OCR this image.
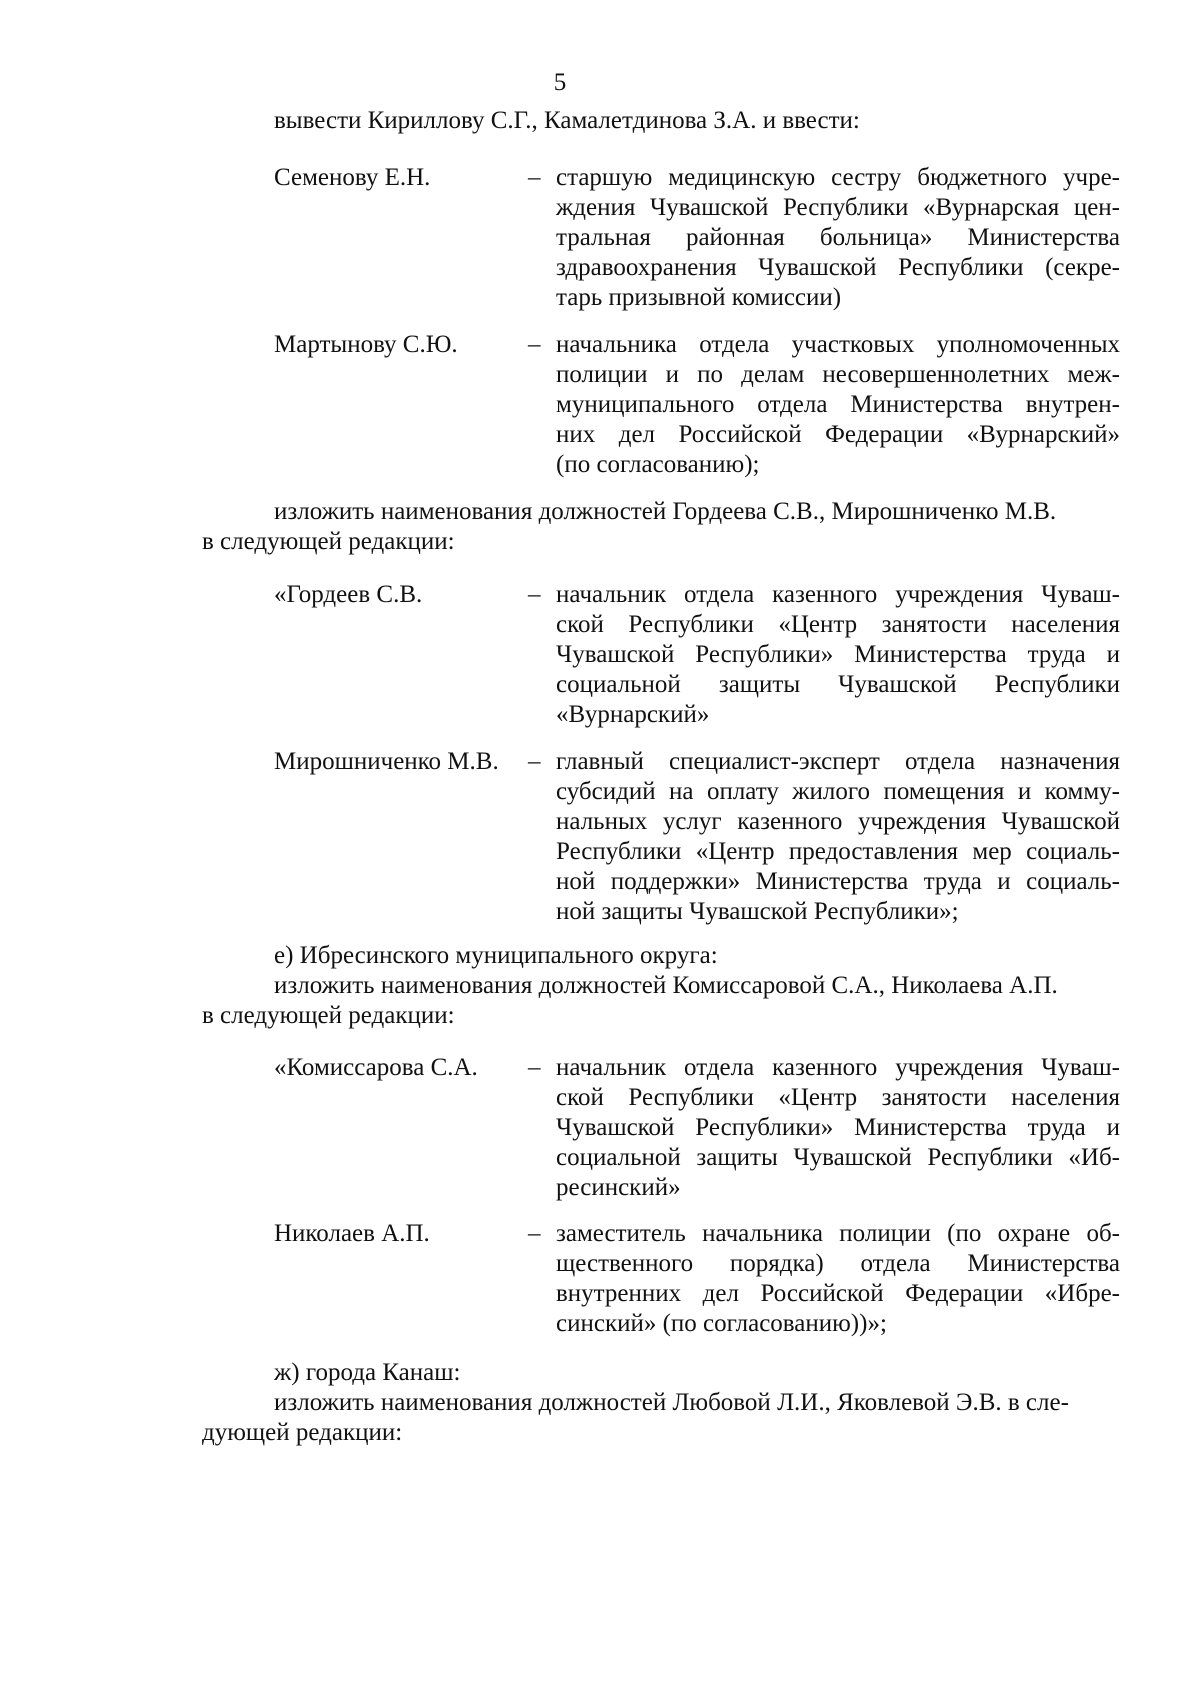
5
вывести Кириллову С.Г., Камалетдинова З.А. и ввести:
Семенову Е.Н.	– старшую медицинскую сестру бюджетного учре-
ждения Чувашской Республики «Вурнарская цен-
тральная районная больница» Министерства
здравоохранения Чувашской Республики (секре-
тарь призывной комиссии)
Мартынову С.Ю.	– начальника отдела участковых уполномоченных
полиции и по делам несовершеннолетних меж-
муниципального отдела Министерства внутрен-
них дел Российской Федерации «Вурнарский»
(по согласованию);
изложить наименования должностей Гордеева С.В., Мирошниченко М.В.
в следующей редакции:
«Гордеев С.В.	– начальник отдела казенного учреждения Чуваш-
ской Республики «Центр занятости населения
Чувашской Республики» Министерства труда и
социальной защиты Чувашской Республики
«Вурнарский»
Мирошниченко М.В. – главный специалист-эксперт отдела назначения
субсидий на оплату жилого помещения и комму-
нальных услуг казенного учреждения Чувашской
Республики «Центр предоставления мер социаль-
ной поддержки» Министерства труда и социаль-
ной защиты Чувашской Республики»;
е) Ибресинского муниципального округа:
изложить наименования должностей Комиссаровой С.А., Николаева А.П.
в следующей редакции:
«Комиссарова С.А. – начальник отдела казенного учреждения Чуваш-
ской Республики «Центр занятости населения
Чувашской Республики» Министерства труда и
социальной защиты Чувашской Республики «Иб-
ресинский»
Николаев А.П.	– заместитель начальника полиции (по охране об-
щественного порядка) отдела Министерства
внутренних дел Российской Федерации «Ибре-
синский» (по согласованию))»;
ж) города Канаш:
изложить наименования должностей Любовой Л.И., Яковлевой Э.В. в сле-
дующей редакции:
